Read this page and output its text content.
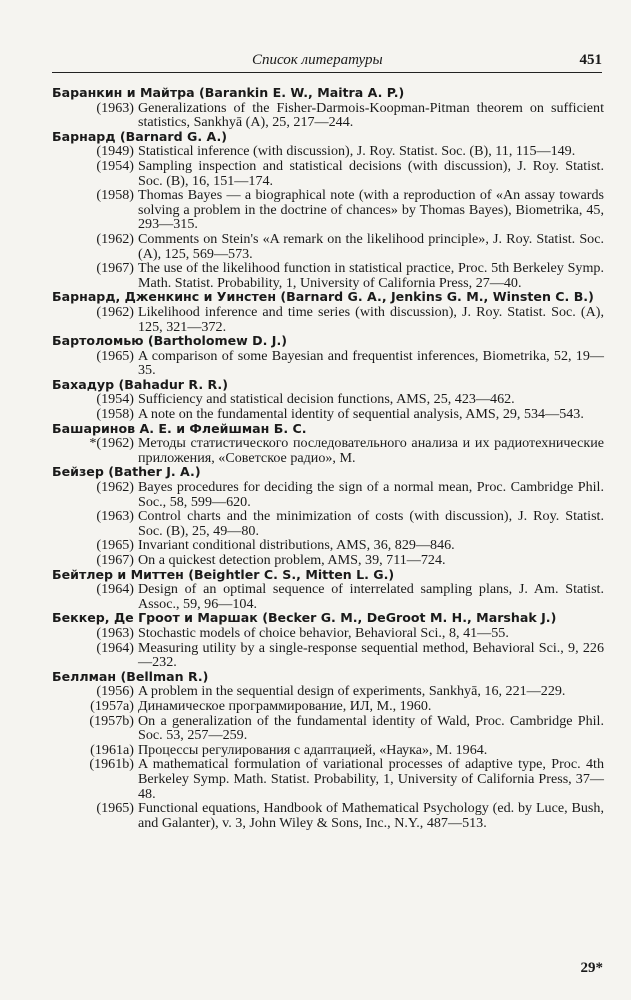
Список литературы	451
Баранкин и Майтра (Barankin E. W., Maitra A. P.)
(1963) Generalizations of the Fisher-Darmois-Koopman-Pitman theorem on sufficient statistics, Sankhyā (A), 25, 217—244.
Барнард (Barnard G. A.)
(1949) Statistical inference (with discussion), J. Roy. Statist. Soc. (B), 11, 115—149.
(1954) Sampling inspection and statistical decisions (with discussion), J. Roy. Statist. Soc. (B), 16, 151—174.
(1958) Thomas Bayes — a biographical note (with a reproduction of «An assay towards solving a problem in the doctrine of chances» by Thomas Bayes), Biometrika, 45, 293—315.
(1962) Comments on Stein's «A remark on the likelihood principle», J. Roy. Statist. Soc. (A), 125, 569—573.
(1967) The use of the likelihood function in statistical practice, Proc. 5th Berkeley Symp. Math. Statist. Probability, 1, University of California Press, 27—40.
Барнард, Дженкинс и Уинстен (Barnard G. A., Jenkins G. M., Winsten C. B.)
(1962) Likelihood inference and time series (with discussion), J. Roy. Statist. Soc. (A), 125, 321—372.
Бартоломью (Bartholomew D. J.)
(1965) A comparison of some Bayesian and frequentist inferences, Biometrika, 52, 19—35.
Бахадур (Bahadur R. R.)
(1954) Sufficiency and statistical decision functions, AMS, 25, 423—462.
(1958) A note on the fundamental identity of sequential analysis, AMS, 29, 534—543.
Башаринов А. Е. и Флейшман Б. С.
*(1962) Методы статистического последовательного анализа и их радиотехнические приложения, «Советское радио», М.
Бейзер (Bather J. A.)
(1962) Bayes procedures for deciding the sign of a normal mean, Proc. Cambridge Phil. Soc., 58, 599—620.
(1963) Control charts and the minimization of costs (with discussion), J. Roy. Statist. Soc. (B), 25, 49—80.
(1965) Invariant conditional distributions, AMS, 36, 829—846.
(1967) On a quickest detection problem, AMS, 39, 711—724.
Бейтлер и Миттен (Beightler C. S., Mitten L. G.)
(1964) Design of an optimal sequence of interrelated sampling plans, J. Am. Statist. Assoc., 59, 96—104.
Беккер, Де Гроот и Маршак (Becker G. M., DeGroot M. H., Marshak J.)
(1963) Stochastic models of choice behavior, Behavioral Sci., 8, 41—55.
(1964) Measuring utility by a single-response sequential method, Behavioral Sci., 9, 226—232.
Беллман (Bellman R.)
(1956) A problem in the sequential design of experiments, Sankhyā, 16, 221—229.
(1957a) Динамическое программирование, ИЛ, М., 1960.
(1957b) On a generalization of the fundamental identity of Wald, Proc. Cambridge Phil. Soc. 53, 257—259.
(1961a) Процессы регулирования с адаптацией, «Наука», М. 1964.
(1961b) A mathematical formulation of variational processes of adaptive type, Proc. 4th Berkeley Symp. Math. Statist. Probability, 1, University of California Press, 37—48.
(1965) Functional equations, Handbook of Mathematical Psychology (ed. by Luce, Bush, and Galanter), v. 3, John Wiley & Sons, Inc., N.Y., 487—513.
29*
